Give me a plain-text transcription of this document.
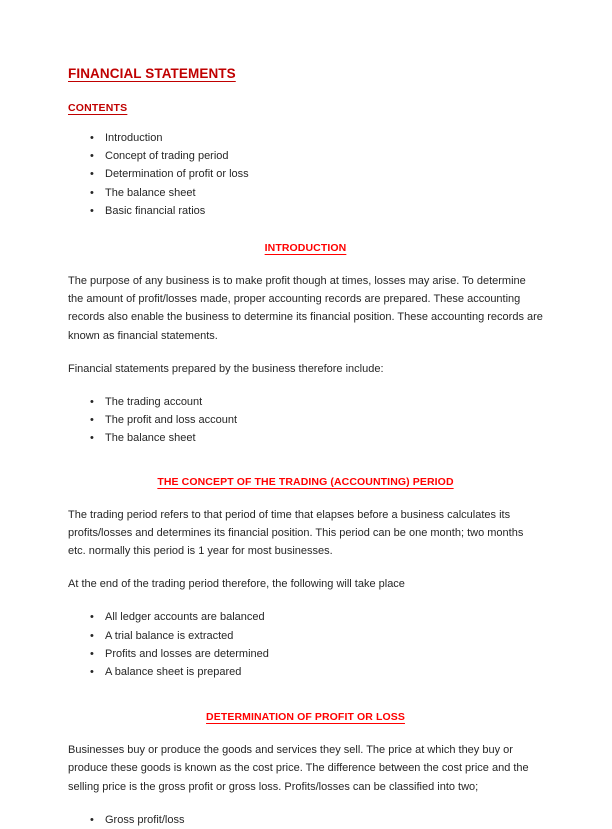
FINANCIAL STATEMENTS
CONTENTS
• Introduction
• Concept of trading period
• Determination of profit or loss
• The balance sheet
• Basic financial ratios
INTRODUCTION

The purpose of any business is to make profit though at times, losses may arise. To determine the amount of profit/losses made, proper accounting records are prepared. These accounting records also enable the business to determine its financial position. These accounting records are known as financial statements.

Financial statements prepared by the business therefore include:

• The trading account
• The profit and loss account
• The balance sheet
THE CONCEPT OF THE TRADING (ACCOUNTING) PERIOD

The trading period refers to that period of time that elapses before a business calculates its profits/losses and determines its financial position. This period can be one month; two months etc. normally this period is 1 year for most businesses.

At the end of the trading period therefore, the following will take place

• All ledger accounts are balanced
• A trial balance is extracted
• Profits and losses are determined
• A balance sheet is prepared
DETERMINATION OF PROFIT OR LOSS

Businesses buy or produce the goods and services they sell. The price at which they buy or produce these goods is known as the cost price. The difference between the cost price and the selling price is the gross profit or gross loss. Profits/losses can be classified into two;

• Gross profit/loss
